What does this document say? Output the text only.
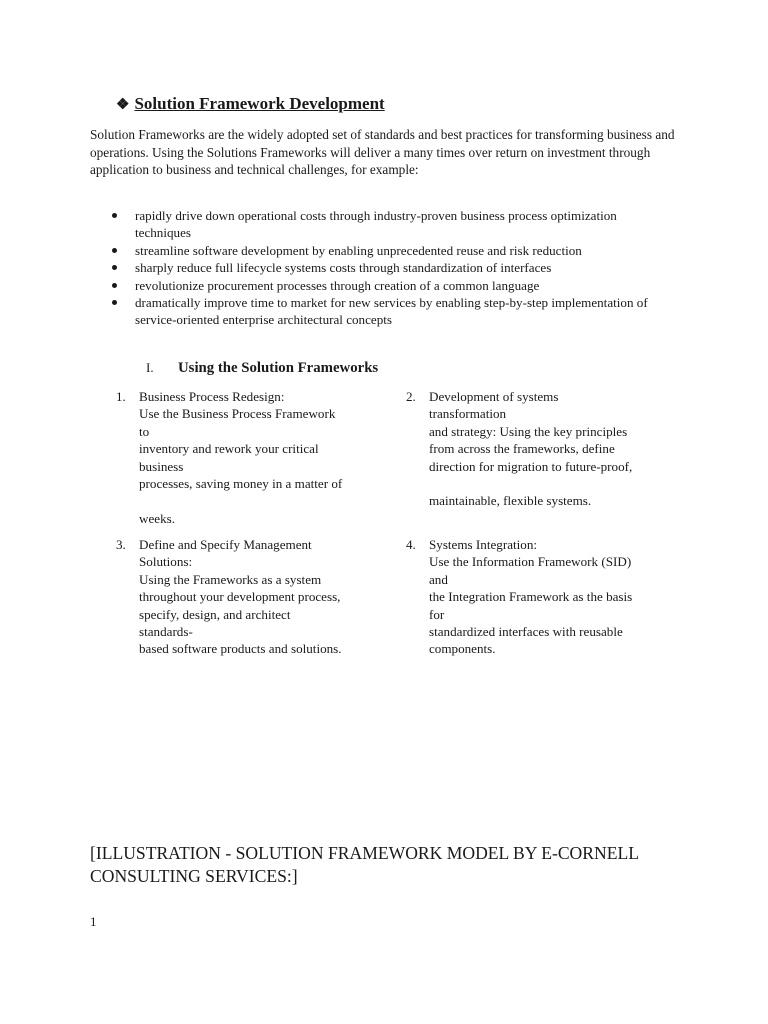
❖ Solution Framework Development
Solution Frameworks are the widely adopted set of standards and best practices for transforming business and operations. Using the Solutions Frameworks will deliver a many times over return on investment through application to business and technical challenges, for example:
rapidly drive down operational costs through industry-proven business process optimization techniques
streamline software development by enabling unprecedented reuse and risk reduction
sharply reduce full lifecycle systems costs through standardization of interfaces
revolutionize procurement processes through creation of a common language
dramatically improve time to market for new services by enabling step-by-step implementation of service-oriented enterprise architectural concepts
I. Using the Solution Frameworks
1. Business Process Redesign:
Use the Business Process Framework
to
inventory and rework your critical
business
processes, saving money in a matter of

weeks.
2. Development of systems
transformation
and strategy: Using the key principles
from across the frameworks, define
direction for migration to future-proof,

maintainable, flexible systems.
3. Define and Specify Management
Solutions:
Using the Frameworks as a system
throughout your development process,
specify, design, and architect
standards-
based software products and solutions.
4. Systems Integration:
Use the Information Framework (SID)
and
the Integration Framework as the basis
for
standardized interfaces with reusable
components.
[ILLUSTRATION - SOLUTION FRAMEWORK MODEL BY E-CORNELL CONSULTING SERVICES:]
1
